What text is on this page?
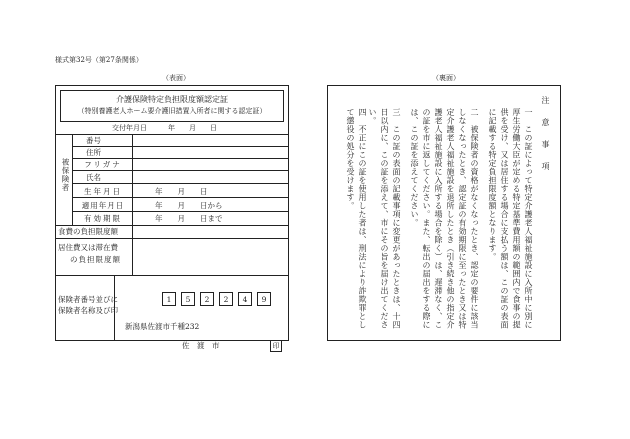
様式第32号（第27条関係）
（表面）	（裏面）
介護保険特定負担限度額認定証
（特別養護老人ホーム要介護旧措置入所者に関する認定証）
交付年月日　　　年　　月　　日
被保険者
番号
住所
フリガナ
氏名
生年月日	年　　月　　日
適用年月日	年　　月　　日から
有効期限	年　　月　　日まで
食費の負担限度額
居住費又は滞在費
の負担限度額
保険者番号並びに
保険者名称及び印
1	5	2	2	4	9
新潟県佐渡市千種232
佐　渡　市	印
注　意　事　項
一　この証によって特定介護老人福祉施設に入所中に別に厚生労働大臣が定める特定基準費用額の範囲内で食事の提供を受け、又は居住する場合に支払う額は、この証の表面に記載する特定負担限度額となります。
二　被保険者の資格がなくなったとき、認定の要件に該当しなくなったとき、認定証の有効期限に至ったとき又は特定介護老人福祉施設を退所したとき（引き続き他の指定介護老人福祉施設に入所する場合を除く）は、遅滞なく、この証を市に返してください。また、転出の届出をする際には、この証を添えてください。
三　この証の表面の記載事項に変更があったときは、十四日以内に、この証を添えて、市にその旨を届け出てください。
四　不正にこの証を使用した者は、刑法により詐欺罪として懲役の処分を受けます。
